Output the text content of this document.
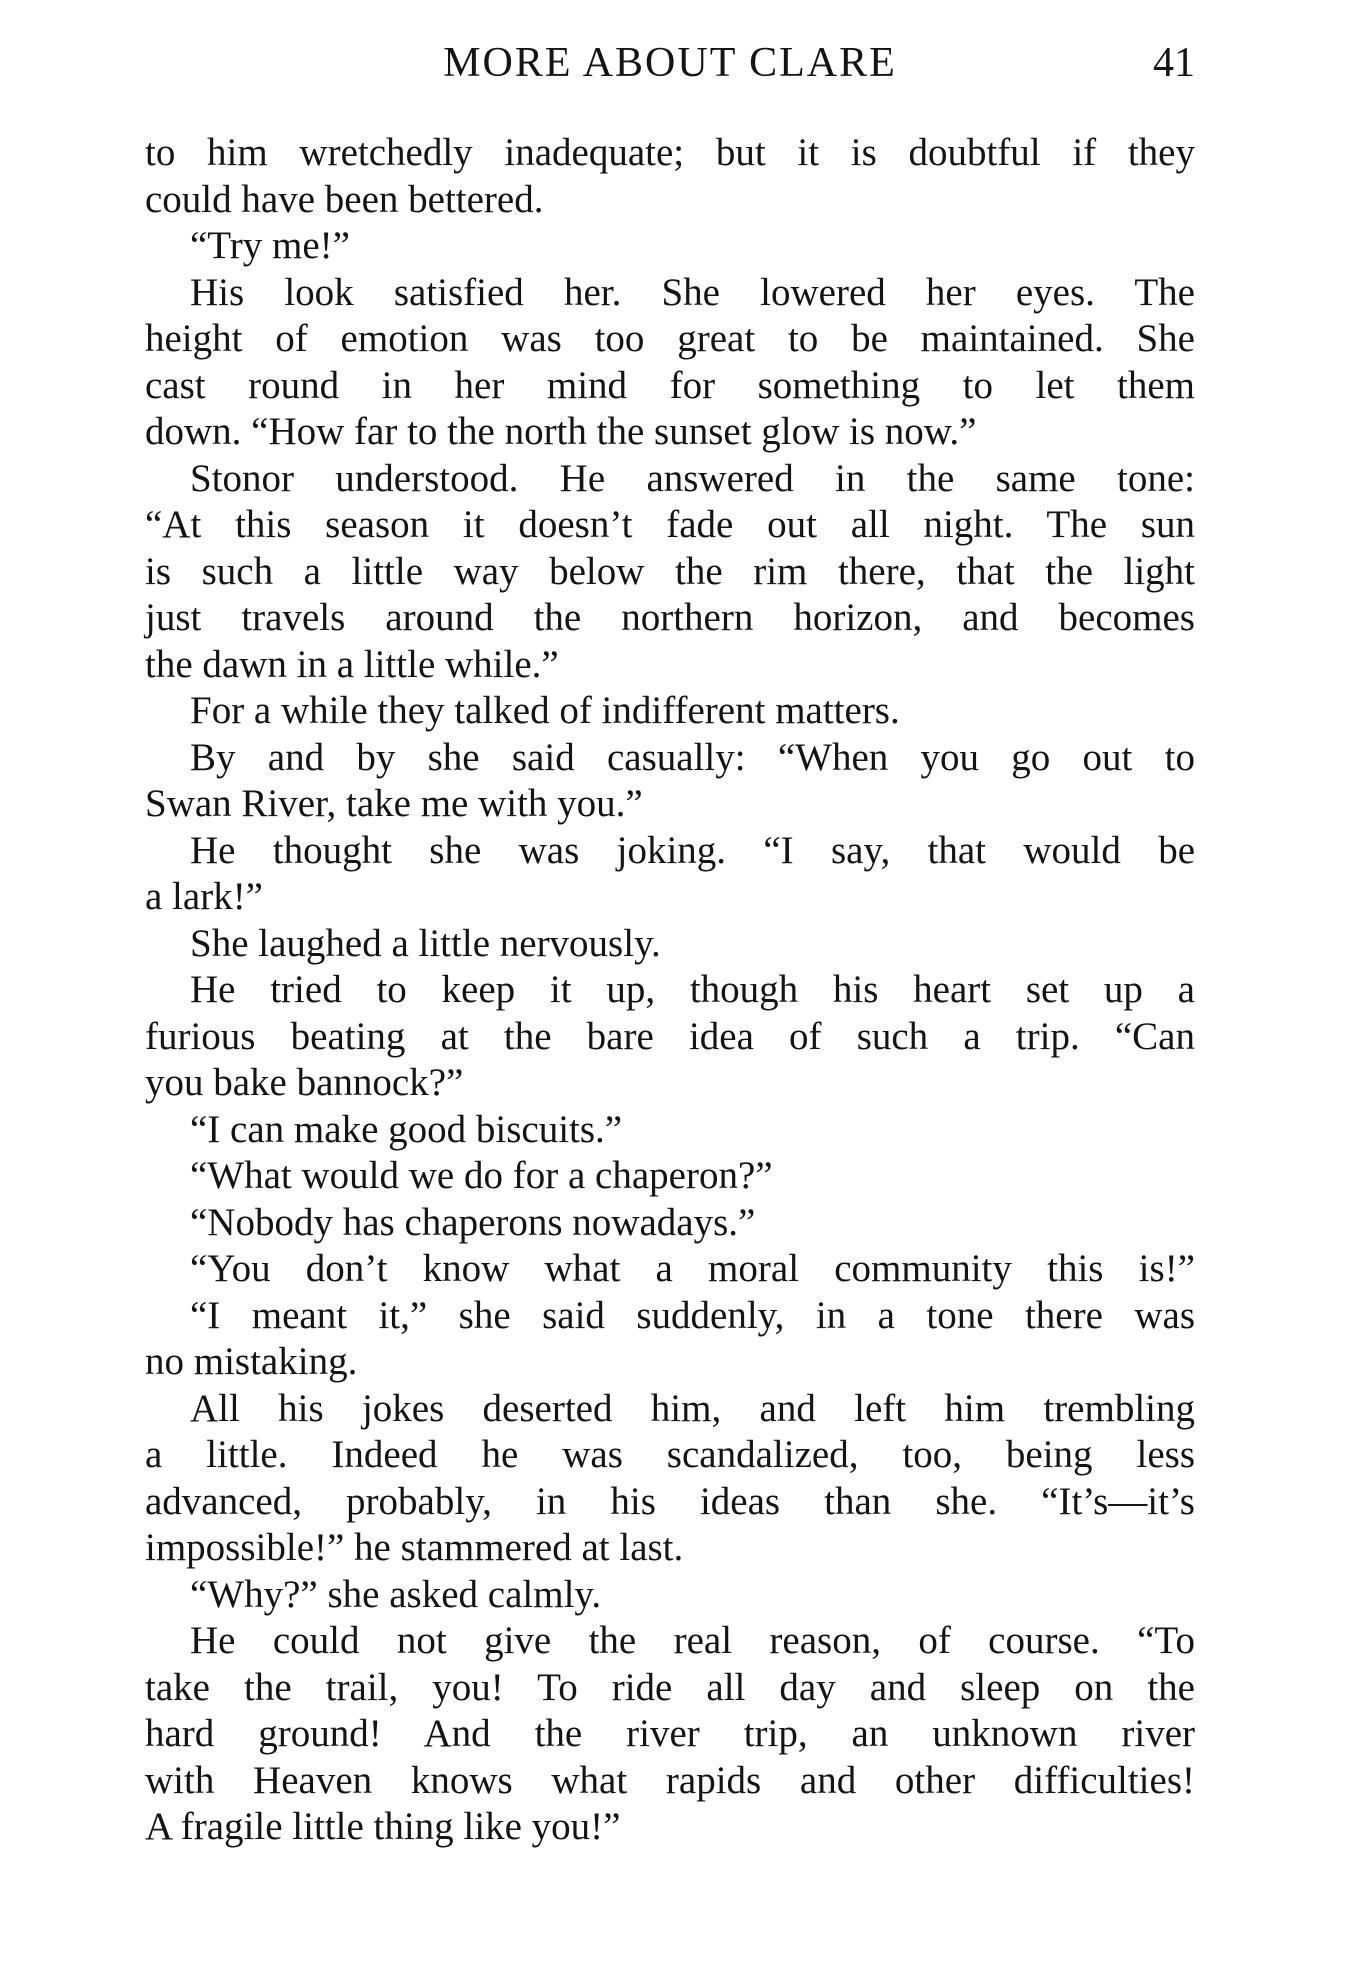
MORE ABOUT CLARE	41
to him wretchedly inadequate; but it is doubtful if they
could have been bettered.
“Try me!”
His look satisfied her. She lowered her eyes. The
height of emotion was too great to be maintained. She
cast round in her mind for something to let them
down. “How far to the north the sunset glow is now.”
Stonor understood. He answered in the same tone:
“At this season it doesn’t fade out all night. The sun
is such a little way below the rim there, that the light
just travels around the northern horizon, and becomes
the dawn in a little while.”
For a while they talked of indifferent matters.
By and by she said casually: “When you go out to
Swan River, take me with you.”
He thought she was joking. “I say, that would be
a lark!”
She laughed a little nervously.
He tried to keep it up, though his heart set up a
furious beating at the bare idea of such a trip. “Can
you bake bannock?”
“I can make good biscuits.”
“What would we do for a chaperon?”
“Nobody has chaperons nowadays.”
“You don’t know what a moral community this is!”
“I meant it,” she said suddenly, in a tone there was
no mistaking.
All his jokes deserted him, and left him trembling
a little. Indeed he was scandalized, too, being less
advanced, probably, in his ideas than she. “It’s—it’s
impossible!” he stammered at last.
“Why?” she asked calmly.
He could not give the real reason, of course. “To
take the trail, you! To ride all day and sleep on the
hard ground! And the river trip, an unknown river
with Heaven knows what rapids and other difficulties!
A fragile little thing like you!”
